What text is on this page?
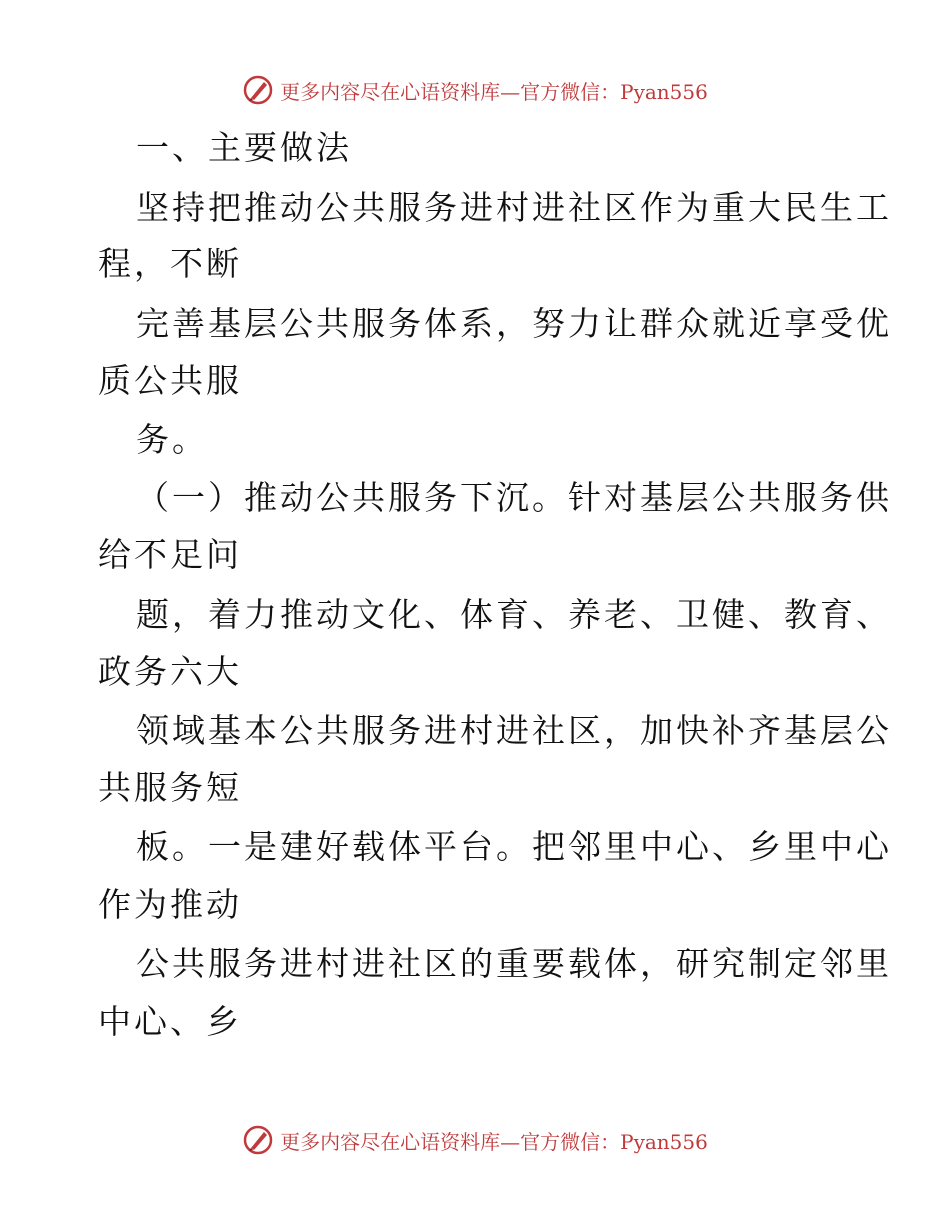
更多内容尽在心语资料库—官方微信：Pyan556
一、主要做法
坚持把推动公共服务进村进社区作为重大民生工
程，不断
完善基层公共服务体系，努力让群众就近享受优
质公共服
务。
（一）推动公共服务下沉。针对基层公共服务供
给不足问
题，着力推动文化、体育、养老、卫健、教育、
政务六大
领域基本公共服务进村进社区，加快补齐基层公
共服务短
板。一是建好载体平台。把邻里中心、乡里中心
作为推动
公共服务进村进社区的重要载体，研究制定邻里
中心、乡
更多内容尽在心语资料库—官方微信：Pyan556
